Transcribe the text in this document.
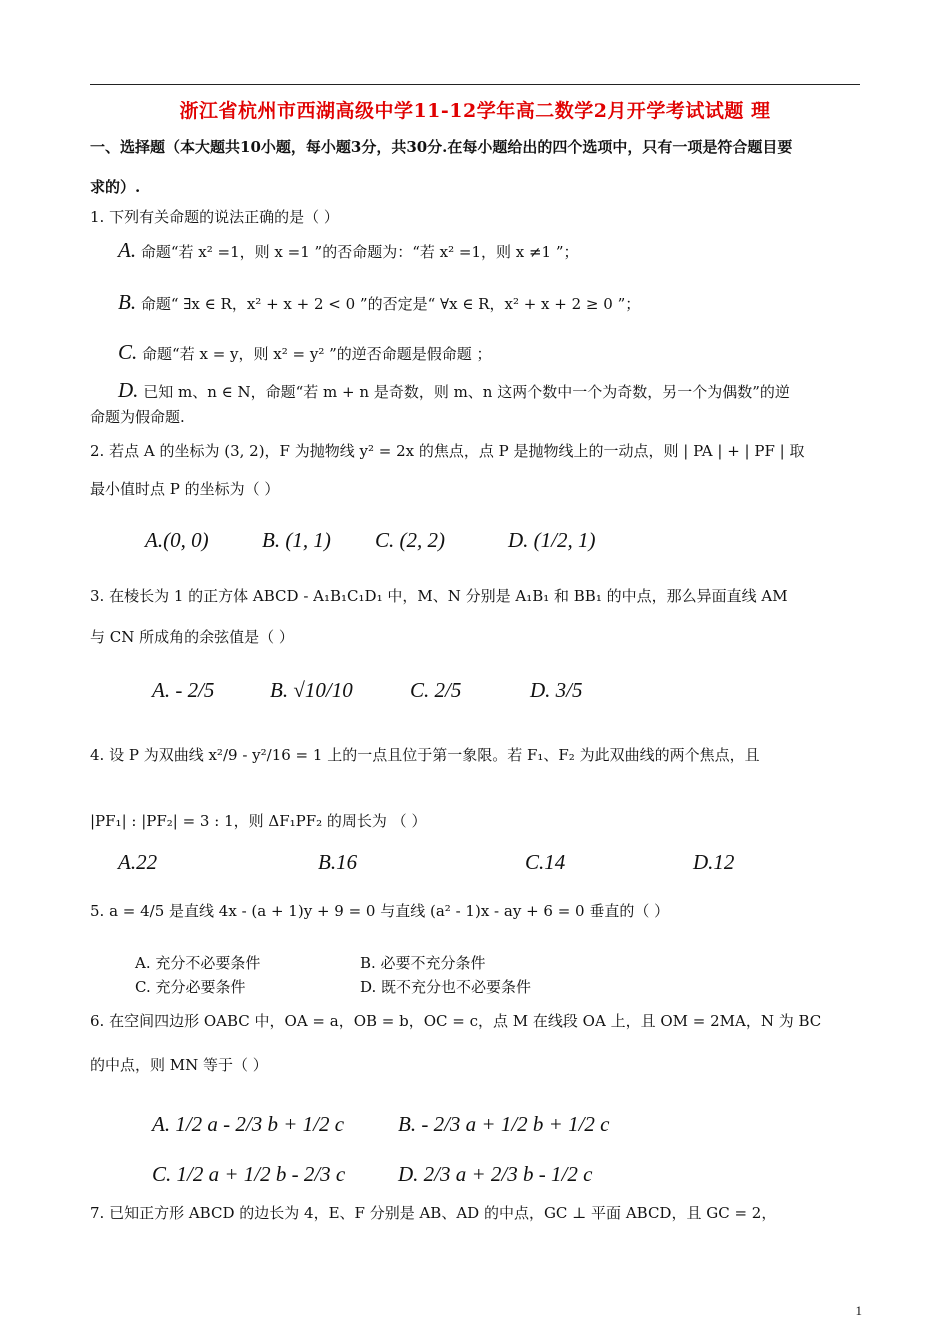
浙江省杭州市西湖高级中学11-12学年高二数学2月开学考试试题 理
一、选择题（本大题共10小题，每小题3分，共30分.在每小题给出的四个选项中，只有一项是符合题目要
求的）.
1. 下列有关命题的说法正确的是（ ）
A. 命题“若 x² =1，则 x =1 ”的否命题为：“若 x² =1，则 x ≠1 ”；
B. 命题“ ∃x ∈ R，x² + x + 2 < 0 ”的否定是“ ∀x ∈ R，x² + x + 2 ≥ 0 ”；
C. 命题“若 x = y，则 x² = y² ”的逆否命题是假命题 ；
D. 已知 m、n ∈ N，命题“若 m + n 是奇数，则 m、n 这两个数中一个为奇数，另一个为偶数”的逆
命题为假命题.
2. 若点 A 的坐标为 (3, 2)，F 为抛物线 y² = 2x 的焦点，点 P 是抛物线上的一动点，则 | PA | + | PF | 取
最小值时点 P 的坐标为（ ）
A.(0, 0)	B. (1, 1) C. (2, 2)	D. (1/2, 1)
3. 在棱长为 1 的正方体 ABCD - A₁B₁C₁D₁ 中，M、N 分别是 A₁B₁ 和 BB₁ 的中点，那么异面直线 AM
与 CN 所成角的余弦值是（ ）
A. - 2/5	B. √10/10	C. 2/5	D. 3/5
4. 设 P 为双曲线 x²/9 - y²/16 = 1 上的一点且位于第一象限。若 F₁、F₂ 为此双曲线的两个焦点，且
|PF₁| : |PF₂| = 3 : 1，则 ΔF₁PF₂ 的周长为 （ ）
A.22	B.16	C.14	D.12
5. a = 4/5 是直线 4x - (a + 1)y + 9 = 0 与直线 (a² - 1)x - ay + 6 = 0 垂直的（ ）
A. 充分不必要条件	B. 必要不充分条件
C. 充分必要条件	D. 既不充分也不必要条件
6. 在空间四边形 OABC 中，OA = a，OB = b，OC = c，点 M 在线段 OA 上，且 OM = 2MA，N 为 BC
的中点，则 MN 等于（ ）
A. 1/2 a - 2/3 b + 1/2 c	B. - 2/3 a + 1/2 b + 1/2 c
C. 1/2 a + 1/2 b - 2/3 c	D. 2/3 a + 2/3 b - 1/2 c
7. 已知正方形 ABCD 的边长为 4，E、F 分别是 AB、AD 的中点，GC ⊥ 平面 ABCD，且 GC = 2，
1
